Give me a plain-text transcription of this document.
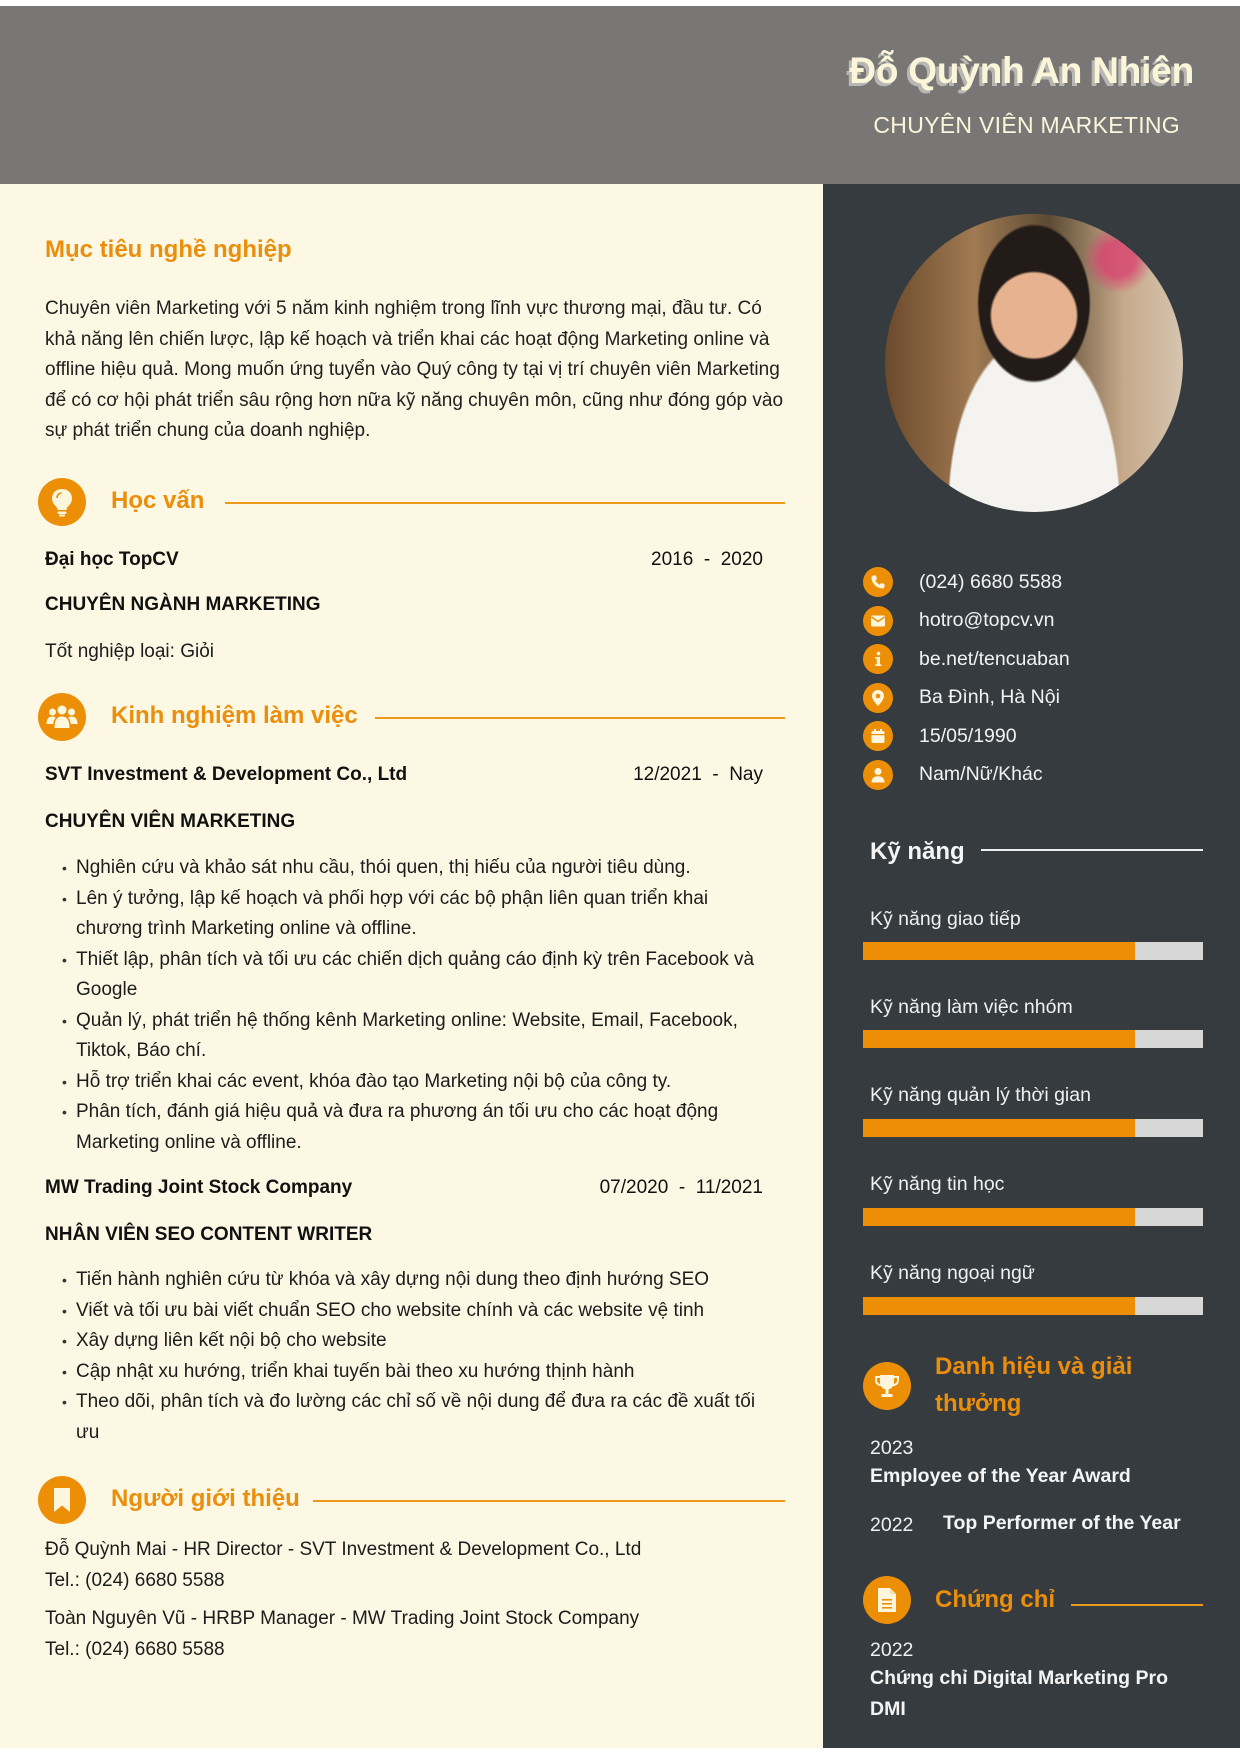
Đỗ Quỳnh An Nhiên
CHUYÊN VIÊN MARKETING
Mục tiêu nghề nghiệp
Chuyên viên Marketing với 5 năm kinh nghiệm trong lĩnh vực thương mại, đầu tư. Có khả năng lên chiến lược, lập kế hoạch và triển khai các hoạt động Marketing online và offline hiệu quả. Mong muốn ứng tuyển vào Quý công ty tại vị trí chuyên viên Marketing để có cơ hội phát triển sâu rộng hơn nữa kỹ năng chuyên môn, cũng như đóng góp vào sự phát triển chung của doanh nghiệp.
Học vấn
Đại học TopCV	2016  -  2020
CHUYÊN NGÀNH MARKETING
Tốt nghiệp loại: Giỏi
Kinh nghiệm làm việc
SVT Investment & Development Co., Ltd	12/2021  -  Nay
CHUYÊN VIÊN MARKETING
• Nghiên cứu và khảo sát nhu cầu, thói quen, thị hiếu của người tiêu dùng.
• Lên ý tưởng, lập kế hoạch và phối hợp với các bộ phận liên quan triển khai chương trình Marketing online và offline.
• Thiết lập, phân tích và tối ưu các chiến dịch quảng cáo định kỳ trên Facebook và Google
• Quản lý, phát triển hệ thống kênh Marketing online: Website, Email, Facebook, Tiktok, Báo chí.
• Hỗ trợ triển khai các event, khóa đào tạo Marketing nội bộ của công ty.
• Phân tích, đánh giá hiệu quả và đưa ra phương án tối ưu cho các hoạt động Marketing online và offline.
MW Trading Joint Stock Company	07/2020  -  11/2021
NHÂN VIÊN SEO CONTENT WRITER
• Tiến hành nghiên cứu từ khóa và xây dựng nội dung theo định hướng SEO
• Viết và tối ưu bài viết chuẩn SEO cho website chính và các website vệ tinh
• Xây dựng liên kết nội bộ cho website
• Cập nhật xu hướng, triển khai tuyến bài theo xu hướng thịnh hành
• Theo dõi, phân tích và đo lường các chỉ số về nội dung để đưa ra các đề xuất tối ưu
Người giới thiệu
Đỗ Quỳnh Mai - HR Director - SVT Investment & Development Co., Ltd
Tel.: (024) 6680 5588
Toàn Nguyên Vũ - HRBP Manager - MW Trading Joint Stock Company
Tel.: (024) 6680 5588
(024) 6680 5588
hotro@topcv.vn
be.net/tencuaban
Ba Đình, Hà Nội
15/05/1990
Nam/Nữ/Khác
Kỹ năng
Kỹ năng giao tiếp
Kỹ năng làm việc nhóm
Kỹ năng quản lý thời gian
Kỹ năng tin học
Kỹ năng ngoại ngữ
Danh hiệu và giải
thưởng
2023
Employee of the Year Award
2022 Top Performer of the Year
Chứng chỉ
2022
Chứng chỉ Digital Marketing Pro
DMI
